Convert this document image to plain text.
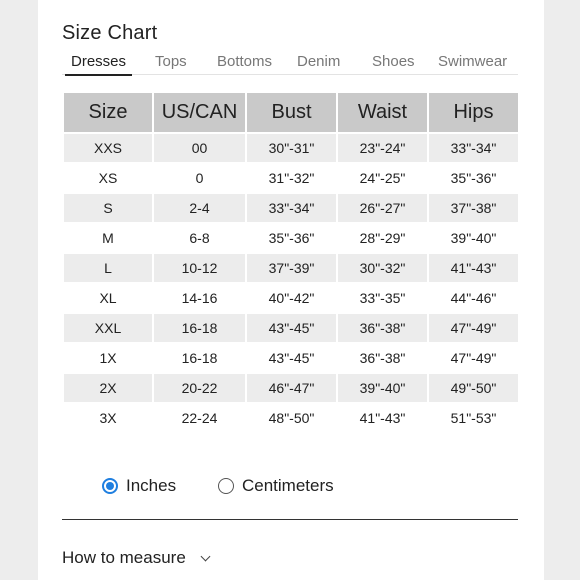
Size Chart
Dresses Tops Bottoms Denim Shoes Swimwear
Size	US/CAN	Bust	Waist	Hips
XXS	00	30"-31"	23"-24"	33"-34"
XS	0	31"-32"	24"-25"	35"-36"
S	2-4	33"-34"	26"-27"	37"-38"
M	6-8	35"-36"	28"-29"	39"-40"
L	10-12	37"-39"	30"-32"	41"-43"
XL	14-16	40"-42"	33"-35"	44"-46"
XXL	16-18	43"-45"	36"-38"	47"-49"
1X	16-18	43"-45"	36"-38"	47"-49"
2X	20-22	46"-47"	39"-40"	49"-50"
3X	22-24	48"-50"	41"-43"	51"-53"
Inches	Centimeters
How to measure
